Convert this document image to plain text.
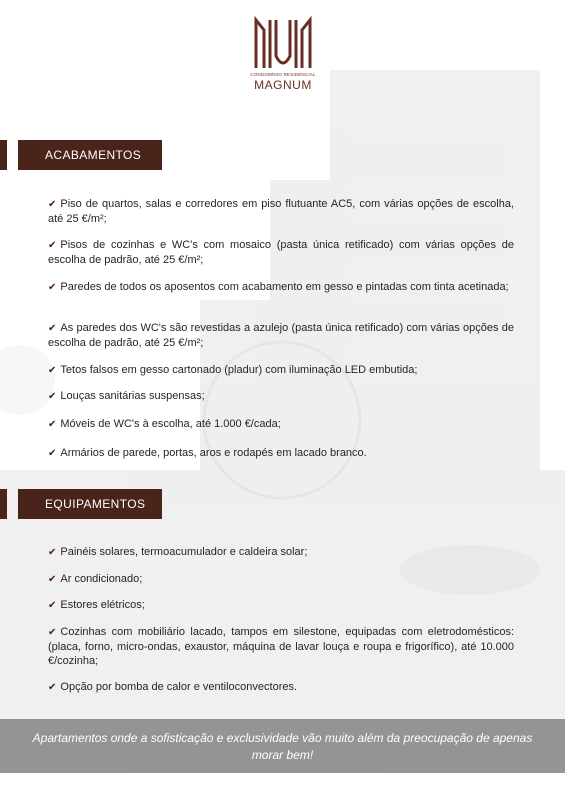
CONDOMÍNIO RESIDENCIAL
MAGNUM
ACABAMENTOS
✔ Piso de quartos, salas e corredores em piso flutuante AC5, com várias opções de escolha, até 25 €/m²;
✔ Pisos de cozinhas e WC's com mosaico (pasta única retificado) com várias opções de escolha de padrão, até 25 €/m²;
✔ Paredes de todos os aposentos com acabamento em gesso e pintadas com tinta acetinada;
✔ As paredes dos WC's são revestidas a azulejo (pasta única retificado) com várias opções de escolha de padrão, até 25 €/m²;
✔ Tetos falsos em gesso cartonado (pladur) com iluminação LED embutida;
✔ Louças sanitárias suspensas;
✔ Móveis de WC's à escolha, até 1.000 €/cada;
✔ Armários de parede, portas, aros e rodapés em lacado branco.
EQUIPAMENTOS
✔ Painéis solares, termoacumulador e caldeira solar;
✔ Ar condicionado;
✔ Estores elétricos;
✔ Cozinhas com mobiliário lacado, tampos em silestone, equipadas com eletrodomésticos: (placa, forno, micro-ondas, exaustor, máquina de lavar louça e roupa e frigorífico), até 10.000 €/cozinha;
✔ Opção por bomba de calor e ventiloconvectores.

Apartamentos onde a sofisticação e exclusividade vão muito além da preocupação de apenas morar bem!
